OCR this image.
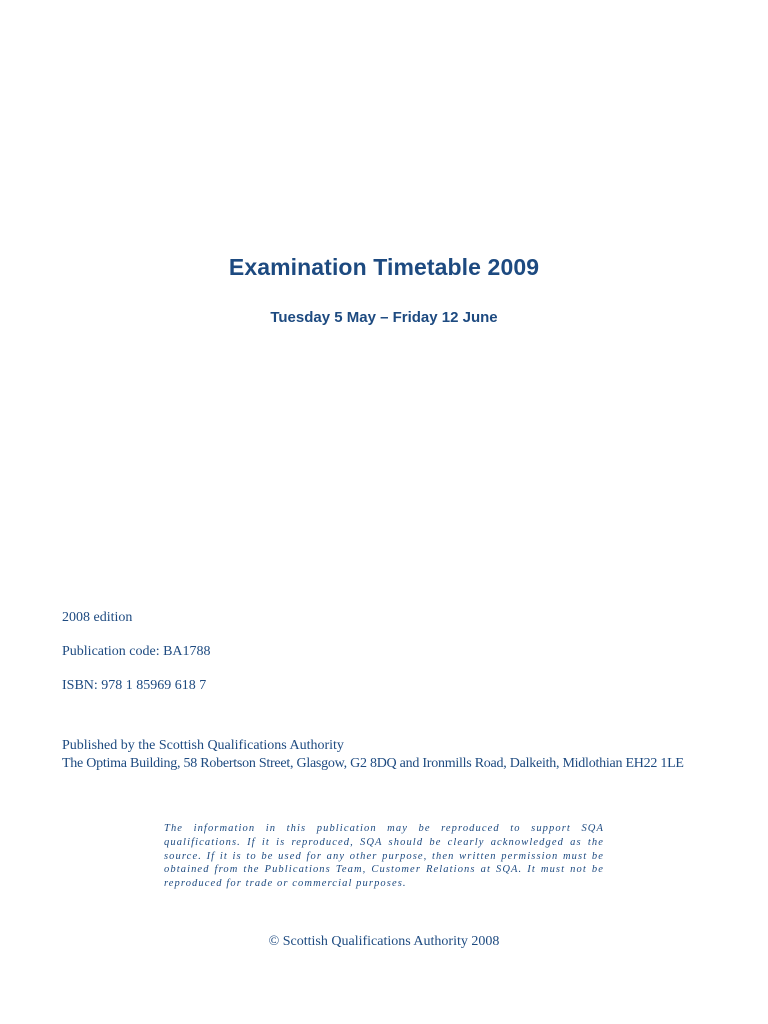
Examination Timetable 2009
Tuesday 5 May – Friday 12 June
2008 edition
Publication code: BA1788
ISBN: 978 1 85969 618 7
Published by the Scottish Qualifications Authority
The Optima Building, 58 Robertson Street, Glasgow, G2 8DQ and Ironmills Road, Dalkeith, Midlothian EH22 1LE
The information in this publication may be reproduced to support SQA qualifications. If it is reproduced, SQA should be clearly acknowledged as the source. If it is to be used for any other purpose, then written permission must be obtained from the Publications Team, Customer Relations at SQA. It must not be reproduced for trade or commercial purposes.
© Scottish Qualifications Authority 2008
